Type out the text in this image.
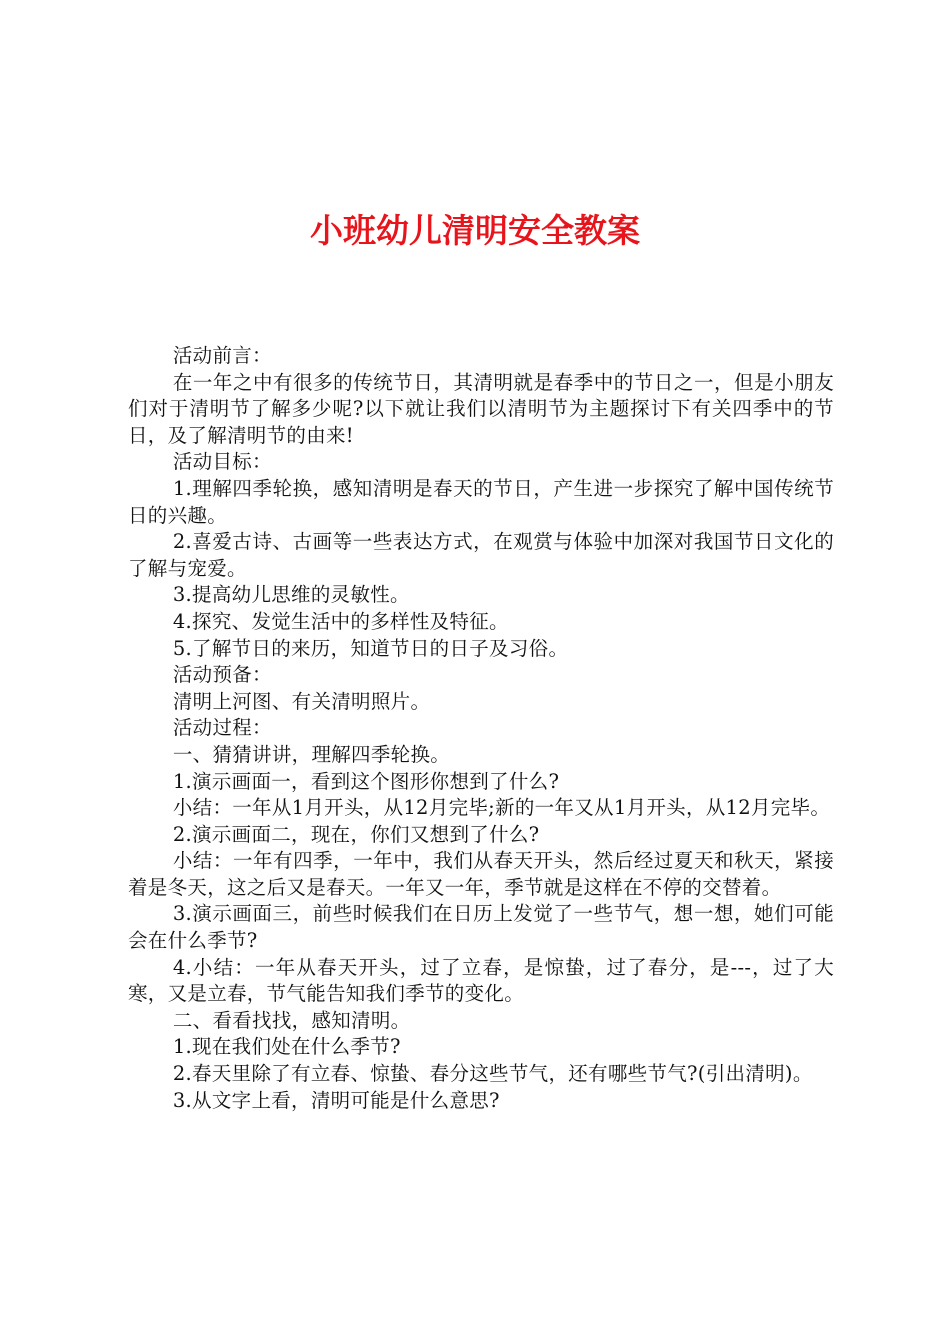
小班幼儿清明安全教案

活动前言：

在一年之中有很多的传统节日，其清明就是春季中的节日之一，但是小朋友们对于清明节了解多少呢?以下就让我们以清明节为主题探讨下有关四季中的节日，及了解清明节的由来!

活动目标：

1.理解四季轮换，感知清明是春天的节日，产生进一步探究了解中国传统节日的兴趣。

2.喜爱古诗、古画等一些表达方式，在观赏与体验中加深对我国节日文化的了解与宠爱。

3.提高幼儿思维的灵敏性。

4.探究、发觉生活中的多样性及特征。

5.了解节日的来历，知道节日的日子及习俗。

活动预备：

清明上河图、有关清明照片。

活动过程：

一、猜猜讲讲，理解四季轮换。

1.演示画面一，看到这个图形你想到了什么?

小结：一年从1月开头，从12月完毕;新的一年又从1月开头，从12月完毕。

2.演示画面二，现在，你们又想到了什么?

小结：一年有四季，一年中，我们从春天开头，然后经过夏天和秋天，紧接着是冬天，这之后又是春天。一年又一年，季节就是这样在不停的交替着。

3.演示画面三，前些时候我们在日历上发觉了一些节气，想一想，她们可能会在什么季节?

4.小结：一年从春天开头，过了立春，是惊蛰，过了春分，是---，过了大寒，又是立春，节气能告知我们季节的变化。

二、看看找找，感知清明。

1.现在我们处在什么季节?

2.春天里除了有立春、惊蛰、春分这些节气，还有哪些节气?(引出清明)。

3.从文字上看，清明可能是什么意思?
